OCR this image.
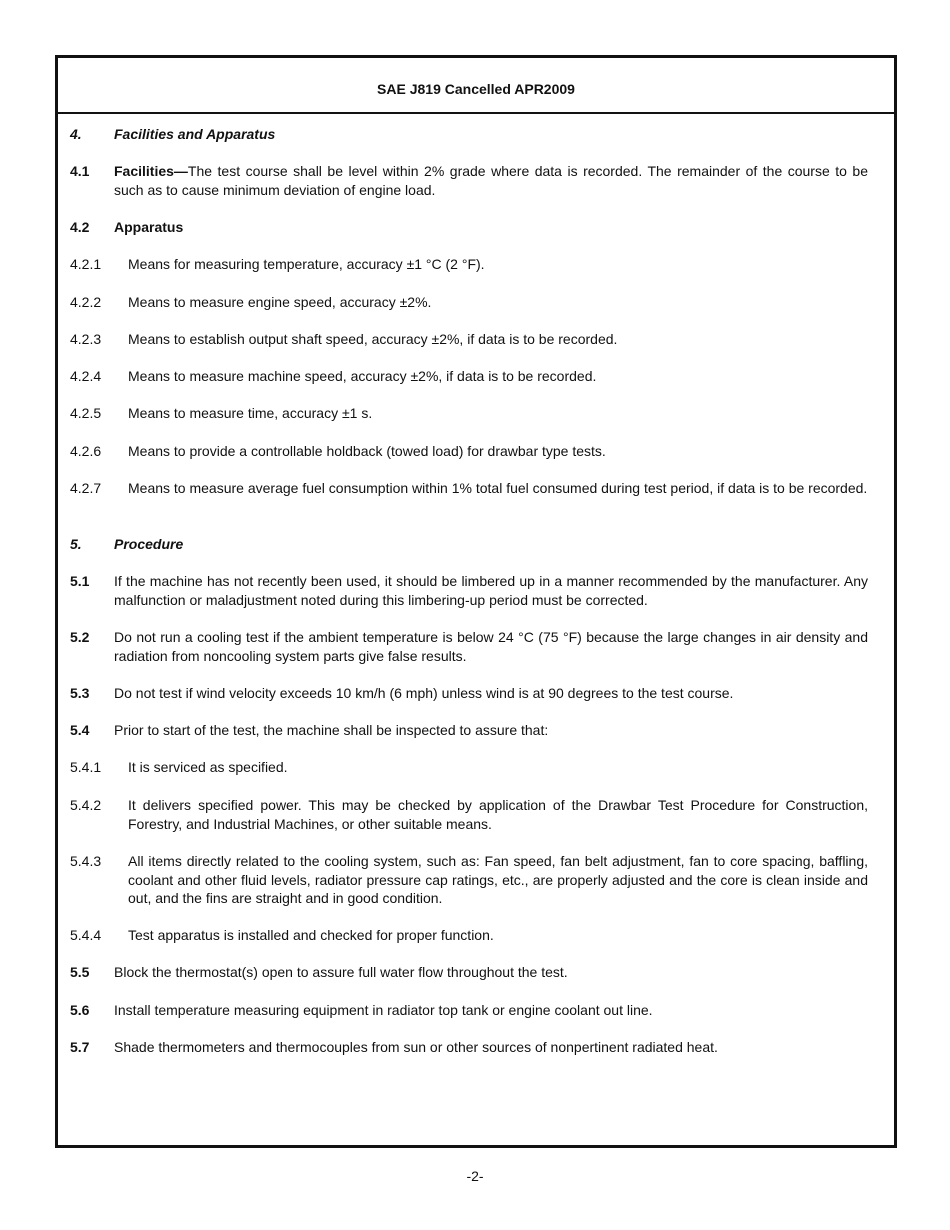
SAE J819 Cancelled APR2009
4. Facilities and Apparatus
4.1 Facilities—The test course shall be level within 2% grade where data is recorded. The remainder of the course to be such as to cause minimum deviation of engine load.
4.2 Apparatus
4.2.1 Means for measuring temperature, accuracy ±1 °C (2 °F).
4.2.2 Means to measure engine speed, accuracy ±2%.
4.2.3 Means to establish output shaft speed, accuracy ±2%, if data is to be recorded.
4.2.4 Means to measure machine speed, accuracy ±2%, if data is to be recorded.
4.2.5 Means to measure time, accuracy ±1 s.
4.2.6 Means to provide a controllable holdback (towed load) for drawbar type tests.
4.2.7 Means to measure average fuel consumption within 1% total fuel consumed during test period, if data is to be recorded.
5. Procedure
5.1 If the machine has not recently been used, it should be limbered up in a manner recommended by the manufacturer. Any malfunction or maladjustment noted during this limbering-up period must be corrected.
5.2 Do not run a cooling test if the ambient temperature is below 24 °C (75 °F) because the large changes in air density and radiation from noncooling system parts give false results.
5.3 Do not test if wind velocity exceeds 10 km/h (6 mph) unless wind is at 90 degrees to the test course.
5.4 Prior to start of the test, the machine shall be inspected to assure that:
5.4.1 It is serviced as specified.
5.4.2 It delivers specified power. This may be checked by application of the Drawbar Test Procedure for Construction, Forestry, and Industrial Machines, or other suitable means.
5.4.3 All items directly related to the cooling system, such as: Fan speed, fan belt adjustment, fan to core spacing, baffling, coolant and other fluid levels, radiator pressure cap ratings, etc., are properly adjusted and the core is clean inside and out, and the fins are straight and in good condition.
5.4.4 Test apparatus is installed and checked for proper function.
5.5 Block the thermostat(s) open to assure full water flow throughout the test.
5.6 Install temperature measuring equipment in radiator top tank or engine coolant out line.
5.7 Shade thermometers and thermocouples from sun or other sources of nonpertinent radiated heat.
-2-
